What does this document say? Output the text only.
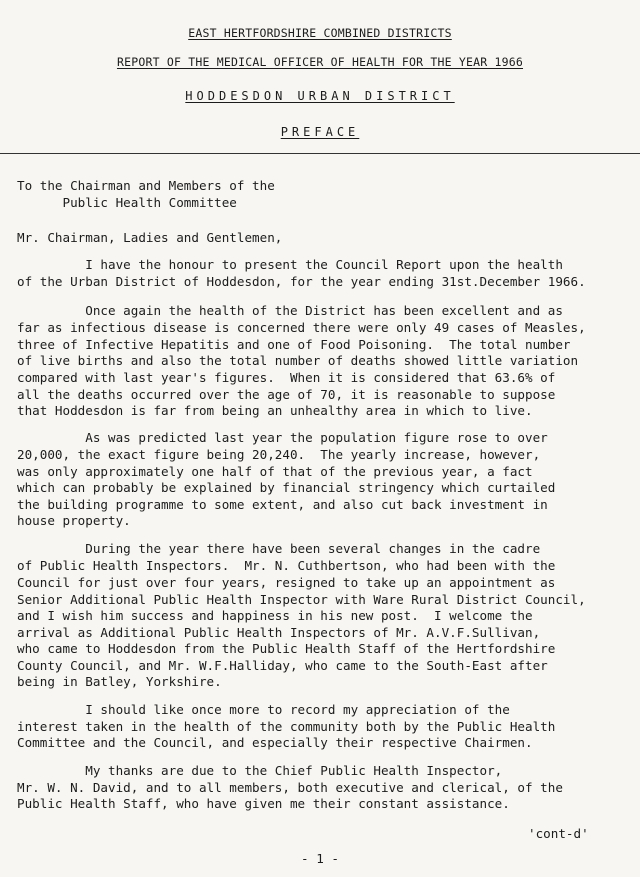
EAST HERTFORDSHIRE COMBINED DISTRICTS
REPORT OF THE MEDICAL OFFICER OF HEALTH FOR THE YEAR 1966
HODDESDON URBAN DISTRICT
PREFACE
To the Chairman and Members of the
Public Health Committee
Mr. Chairman, Ladies and Gentlemen,
I have the honour to present the Council Report upon the health
of the Urban District of Hoddesdon, for the year ending 31st.December 1966.
Once again the health of the District has been excellent and as
far as infectious disease is concerned there were only 49 cases of Measles,
three of Infective Hepatitis and one of Food Poisoning.  The total number
of live births and also the total number of deaths showed little variation
compared with last year's figures.  When it is considered that 63.6% of
all the deaths occurred over the age of 70, it is reasonable to suppose
that Hoddesdon is far from being an unhealthy area in which to live.
As was predicted last year the population figure rose to over
20,000, the exact figure being 20,240.  The yearly increase, however,
was only approximately one half of that of the previous year, a fact
which can probably be explained by financial stringency which curtailed
the building programme to some extent, and also cut back investment in
house property.
During the year there have been several changes in the cadre
of Public Health Inspectors.  Mr. N. Cuthbertson, who had been with the
Council for just over four years, resigned to take up an appointment as
Senior Additional Public Health Inspector with Ware Rural District Council,
and I wish him success and happiness in his new post.  I welcome the
arrival as Additional Public Health Inspectors of Mr. A.V.F.Sullivan,
who came to Hoddesdon from the Public Health Staff of the Hertfordshire
County Council, and Mr. W.F.Halliday, who came to the South-East after
being in Batley, Yorkshire.
I should like once more to record my appreciation of the
interest taken in the health of the community both by the Public Health
Committee and the Council, and especially their respective Chairmen.
My thanks are due to the Chief Public Health Inspector,
Mr. W. N. David, and to all members, both executive and clerical, of the
Public Health Staff, who have given me their constant assistance.
'cont-d'
- 1 -
